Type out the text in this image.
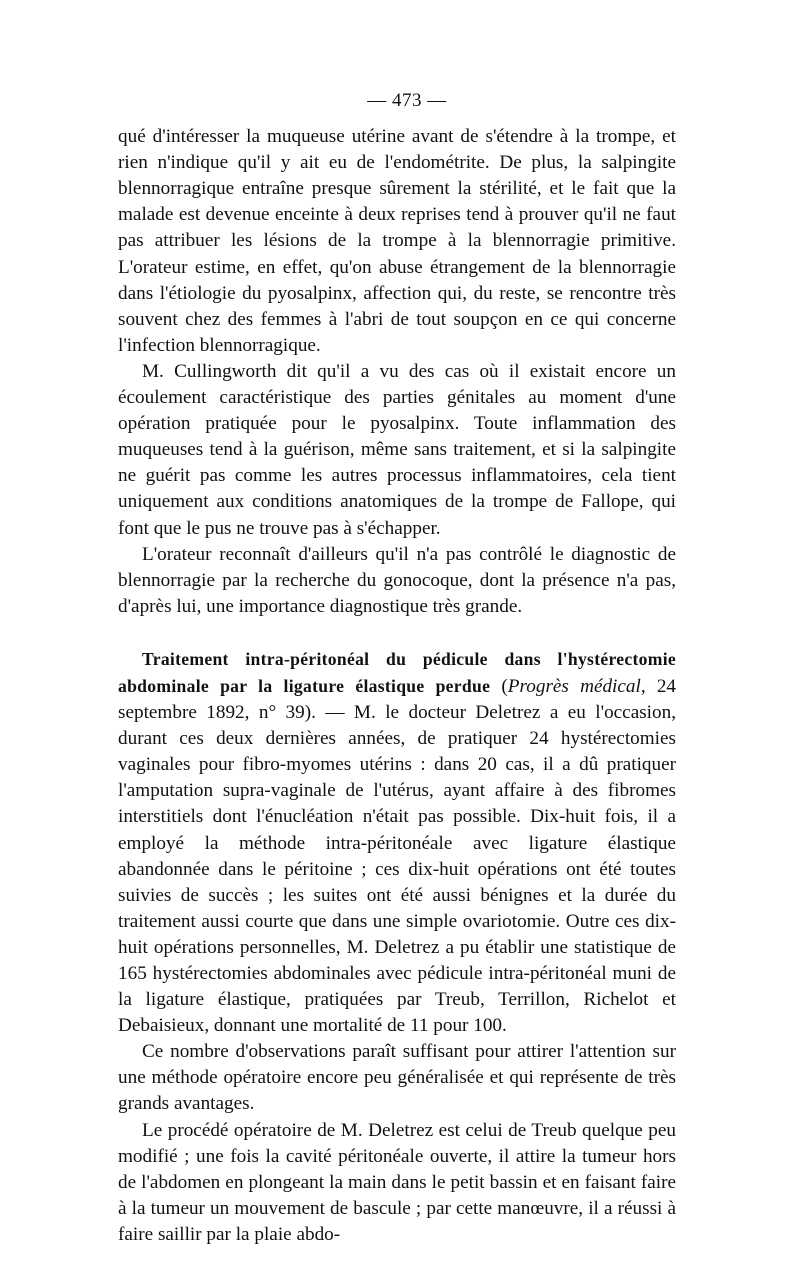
— 473 —

qué d'intéresser la muqueuse utérine avant de s'étendre à la trompe, et rien n'indique qu'il y ait eu de l'endométrite. De plus, la salpingite blennorragique entraîne presque sûrement la stérilité, et le fait que la malade est devenue enceinte à deux reprises tend à prouver qu'il ne faut pas attribuer les lésions de la trompe à la blennorragie primitive. L'orateur estime, en effet, qu'on abuse étrangement de la blennorragie dans l'étiologie du pyosalpinx, affection qui, du reste, se rencontre très souvent chez des femmes à l'abri de tout soupçon en ce qui concerne l'infection blennorragique.

M. Cullingworth dit qu'il a vu des cas où il existait encore un écoulement caractéristique des parties génitales au moment d'une opération pratiquée pour le pyosalpinx. Toute inflammation des muqueuses tend à la guérison, même sans traitement, et si la salpingite ne guérit pas comme les autres processus inflammatoires, cela tient uniquement aux conditions anatomiques de la trompe de Fallope, qui font que le pus ne trouve pas à s'échapper.

L'orateur reconnaît d'ailleurs qu'il n'a pas contrôlé le diagnostic de blennorragie par la recherche du gonocoque, dont la présence n'a pas, d'après lui, une importance diagnostique très grande.

Traitement intra-péritonéal du pédicule dans l'hystérectomie abdominale par la ligature élastique perdue (Progrès médical, 24 septembre 1892, n° 39). — M. le docteur Deletrez a eu l'occasion, durant ces deux dernières années, de pratiquer 24 hystérectomies vaginales pour fibro-myomes utérins : dans 20 cas, il a dû pratiquer l'amputation supra-vaginale de l'utérus, ayant affaire à des fibromes interstitiels dont l'énucléation n'était pas possible. Dix-huit fois, il a employé la méthode intra-péritonéale avec ligature élastique abandonnée dans le péritoine ; ces dix-huit opérations ont été toutes suivies de succès ; les suites ont été aussi bénignes et la durée du traitement aussi courte que dans une simple ovariotomie. Outre ces dix-huit opérations personnelles, M. Deletrez a pu établir une statistique de 165 hystérectomies abdominales avec pédicule intra-péritonéal muni de la ligature élastique, pratiquées par Treub, Terrillon, Richelot et Debaisieux, donnant une mortalité de 11 pour 100.

Ce nombre d'observations paraît suffisant pour attirer l'attention sur une méthode opératoire encore peu généralisée et qui représente de très grands avantages.

Le procédé opératoire de M. Deletrez est celui de Treub quelque peu modifié ; une fois la cavité péritonéale ouverte, il attire la tumeur hors de l'abdomen en plongeant la main dans le petit bassin et en faisant faire à la tumeur un mouvement de bascule ; par cette manœuvre, il a réussi à faire saillir par la plaie abdo-
